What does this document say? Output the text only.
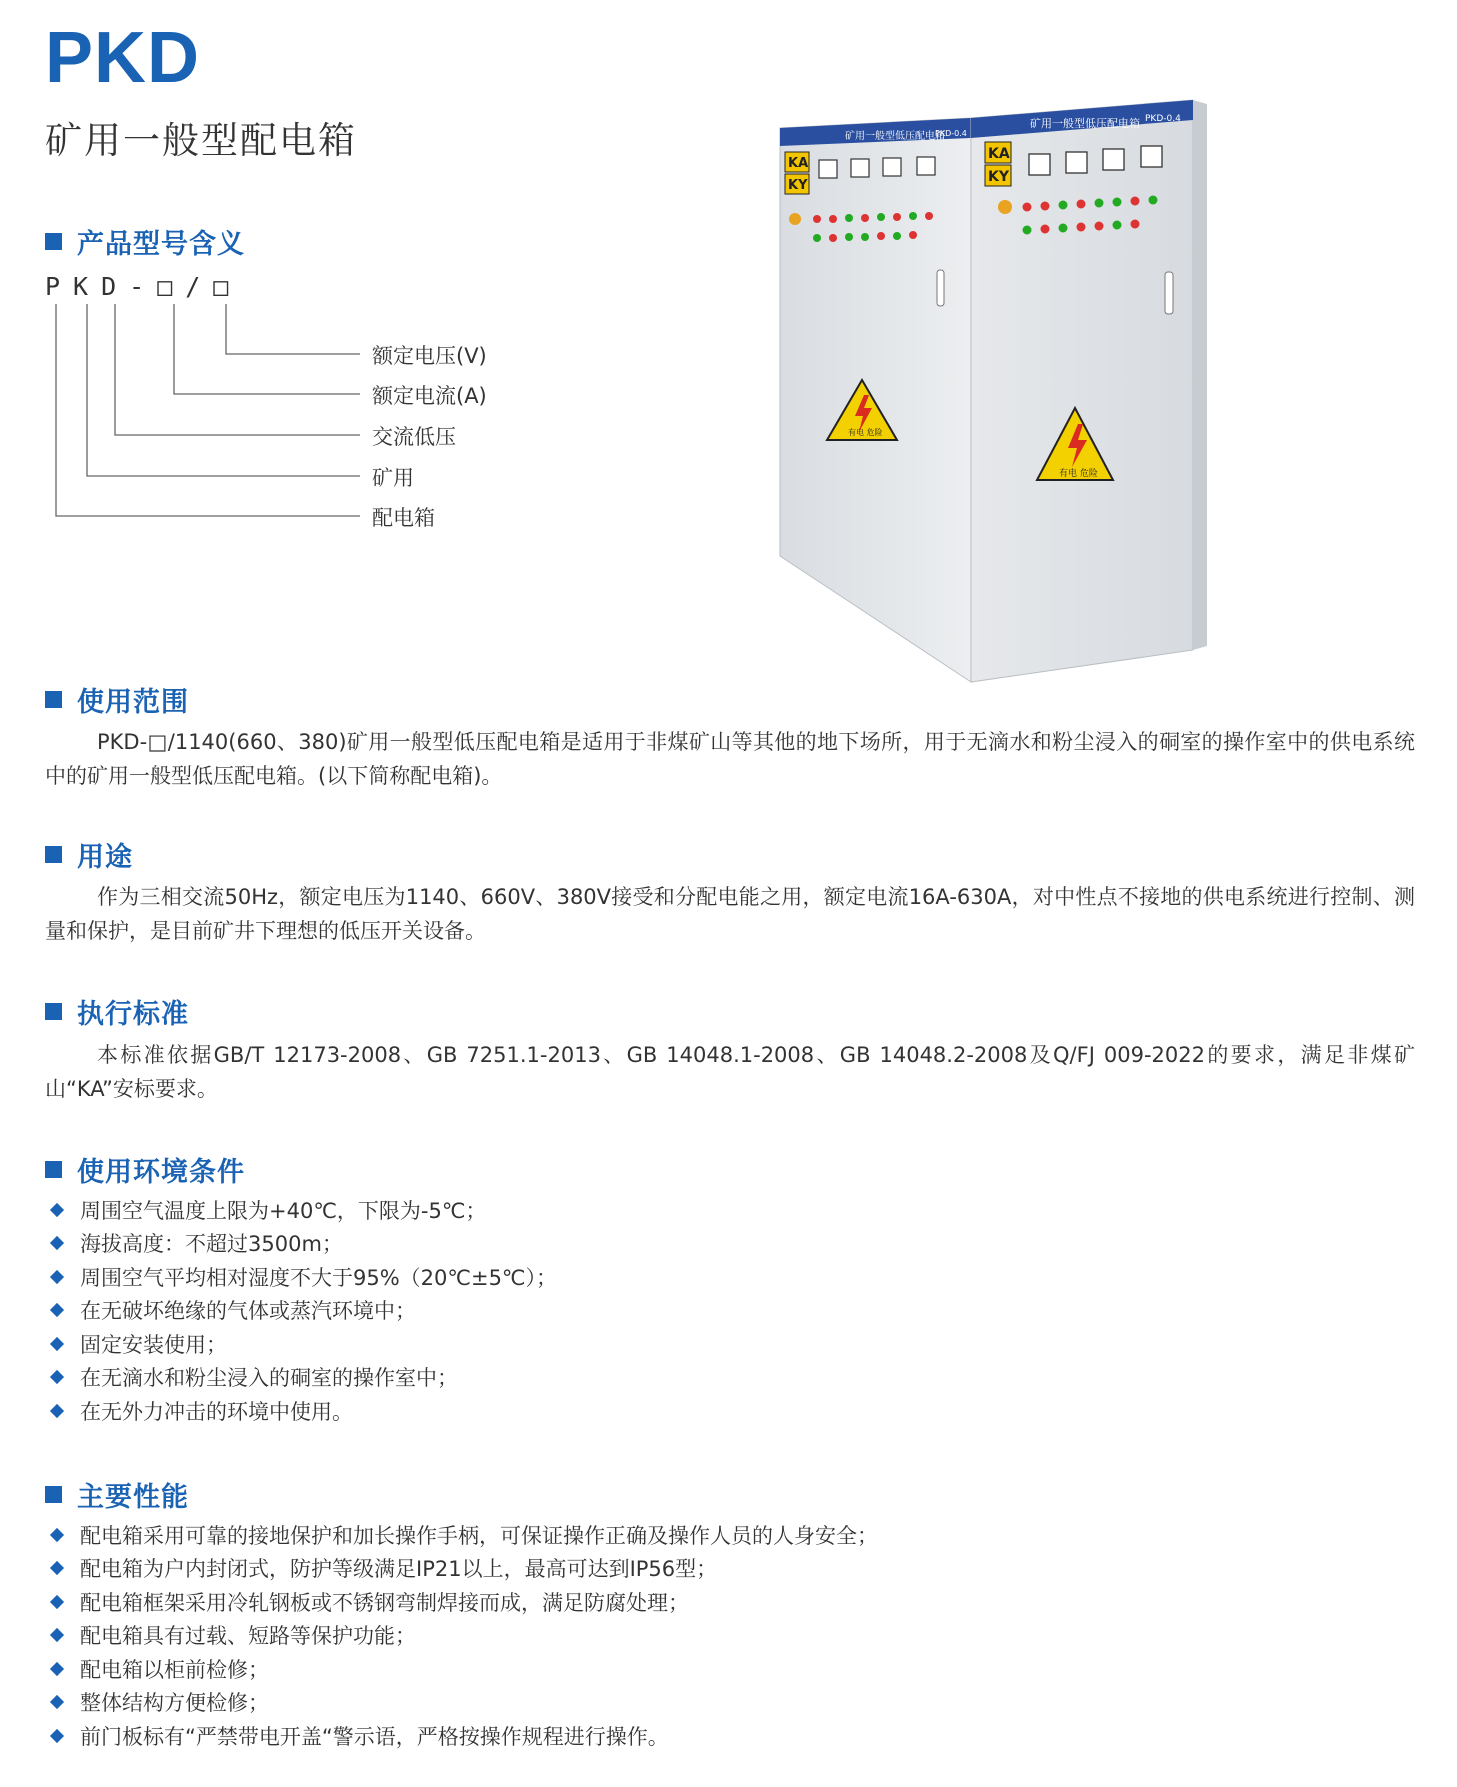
PKD
矿用一般型配电箱
产品型号含义
PKD-□/□
额定电压(V)
额定电流(A)
交流低压
矿用
配电箱
矿用一般型低压配电箱
PKD-0.4
KA
KY
有电 危险
矿用一般型低压配电箱 PKD-0.4
KA
KY
有电 危险
使用范围
PKD-□/1140(660、380)矿用一般型低压配电箱是适用于非煤矿山等其他的地下场所，用于无滴水和粉尘浸入的硐室的操作室中的供电系统中的矿用一般型低压配电箱。(以下简称配电箱)。
用途
作为三相交流50Hz，额定电压为1140、660V、380V接受和分配电能之用，额定电流16A-630A，对中性点不接地的供电系统进行控制、测量和保护，是目前矿井下理想的低压开关设备。
执行标准
本标准依据GB/T 12173-2008、GB 7251.1-2013、GB 14048.1-2008、GB 14048.2-2008及Q/FJ 009-2022的要求，满足非煤矿山“KA”安标要求。
使用环境条件
周围空气温度上限为+40℃，下限为-5℃；
海拔高度：不超过3500m；
周围空气平均相对湿度不大于95%（20℃±5℃）；
在无破坏绝缘的气体或蒸汽环境中；
固定安装使用；
在无滴水和粉尘浸入的硐室的操作室中；
在无外力冲击的环境中使用。
主要性能
配电箱采用可靠的接地保护和加长操作手柄，可保证操作正确及操作人员的人身安全；
配电箱为户内封闭式，防护等级满足IP21以上，最高可达到IP56型；
配电箱框架采用冷轧钢板或不锈钢弯制焊接而成，满足防腐处理；
配电箱具有过载、短路等保护功能；
配电箱以柜前检修；
整体结构方便检修；
前门板标有“严禁带电开盖“警示语，严格按操作规程进行操作。
